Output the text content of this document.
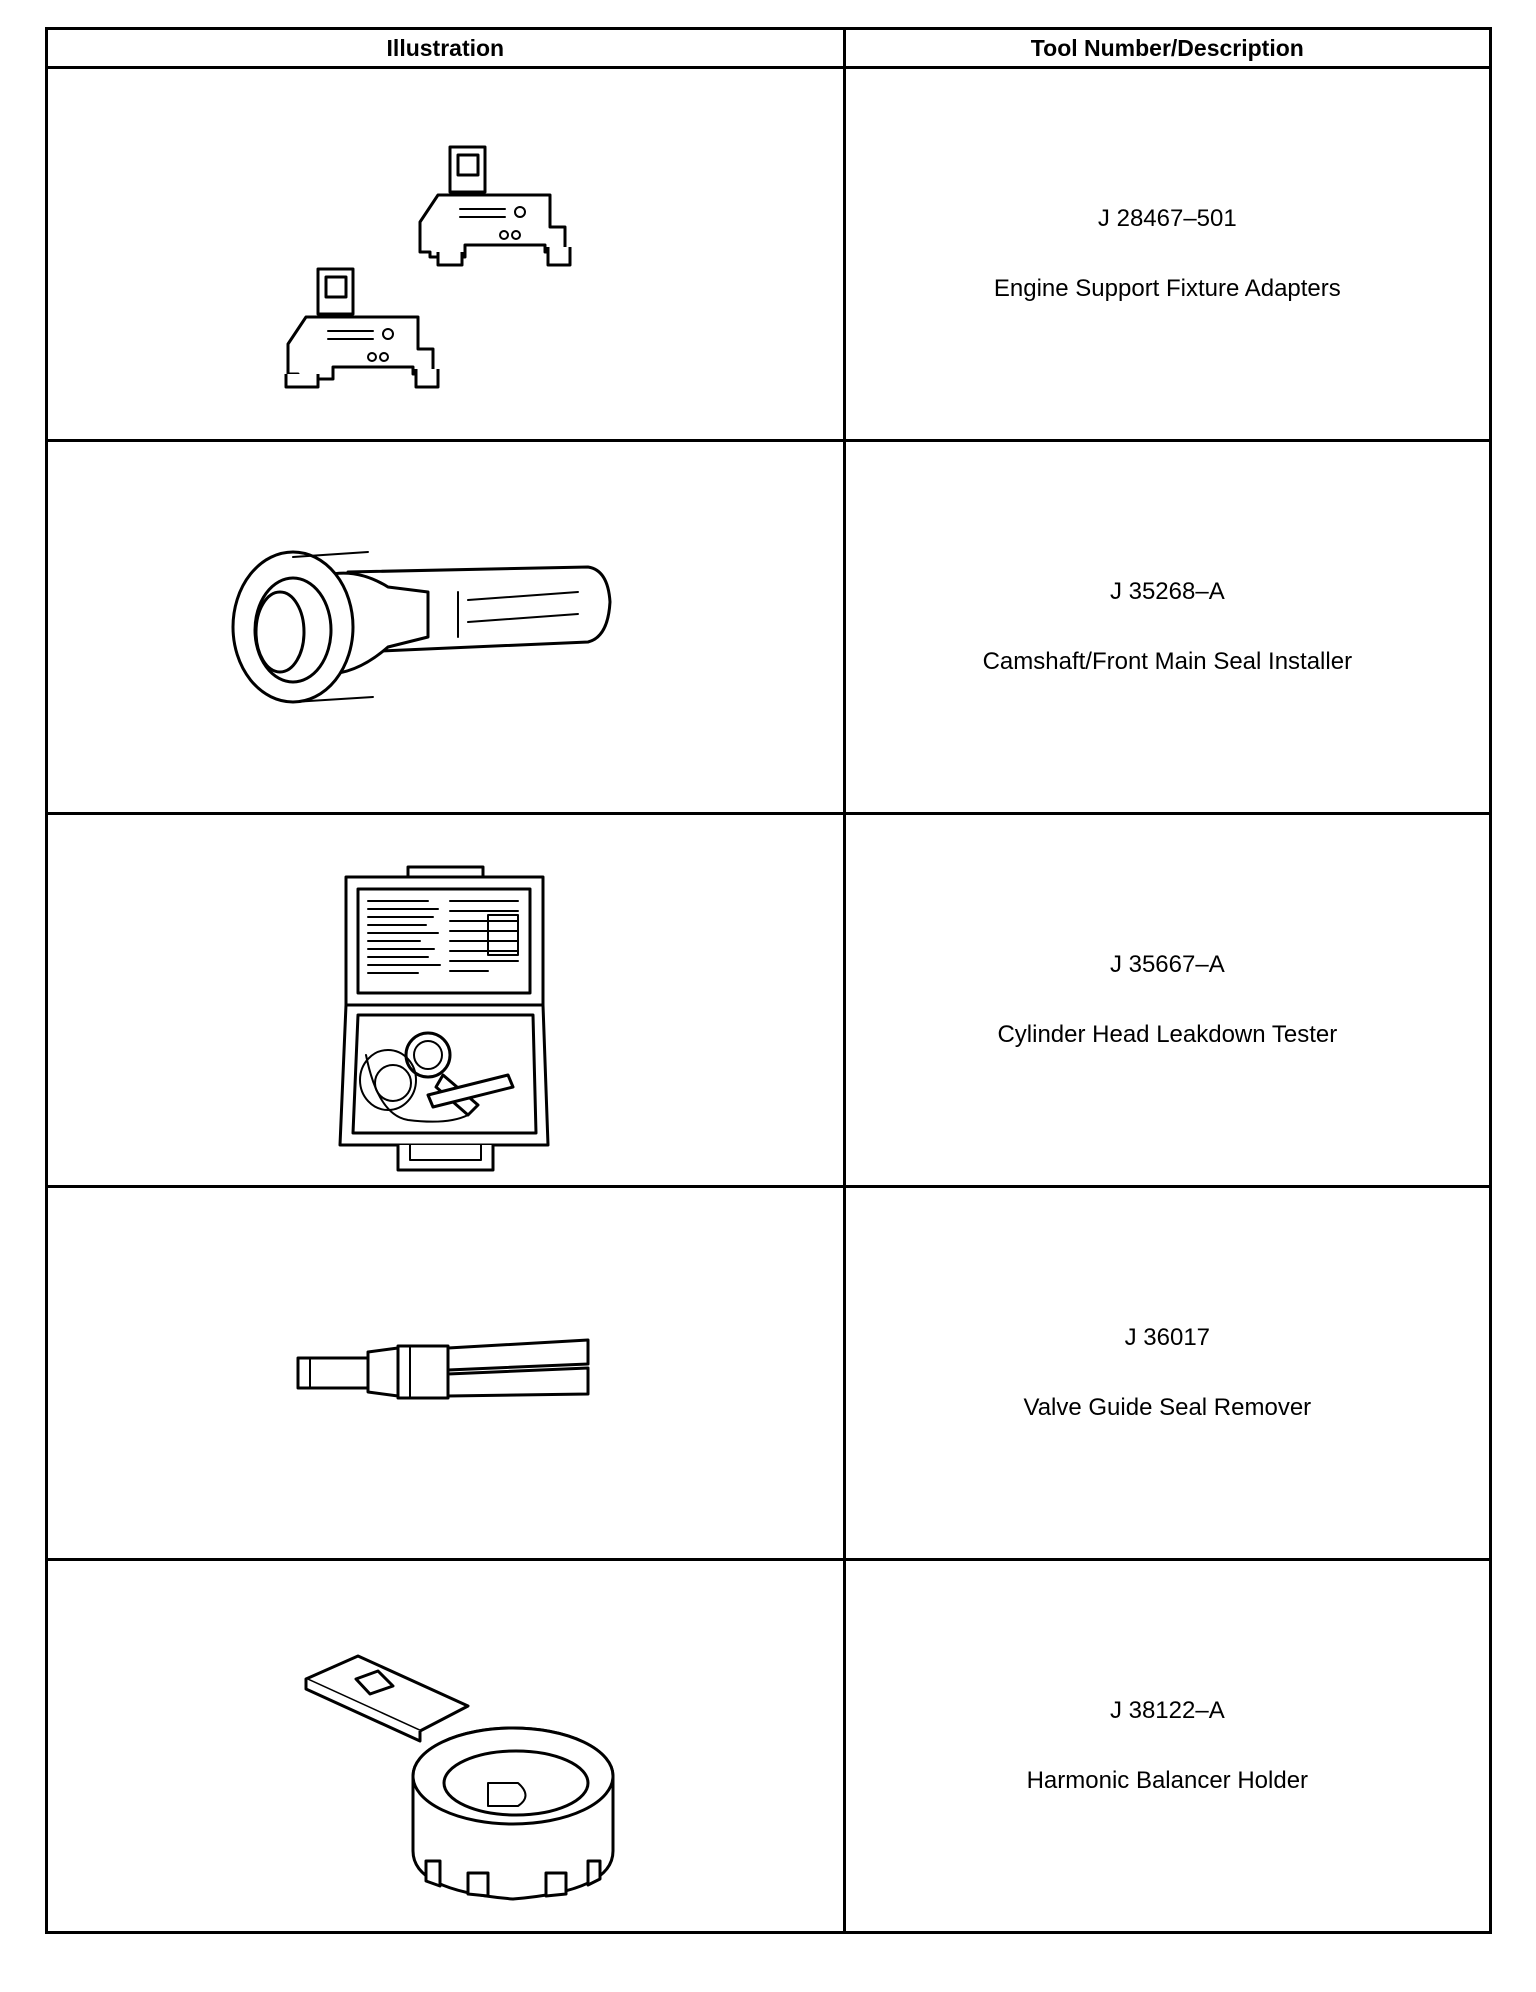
Illustration	Tool Number/Description

J 28467–501
Engine Support Fixture Adapters

J 35268–A
Camshaft/Front Main Seal Installer

J 35667–A
Cylinder Head Leakdown Tester

J 36017
Valve Guide Seal Remover

J 38122–A
Harmonic Balancer Holder
